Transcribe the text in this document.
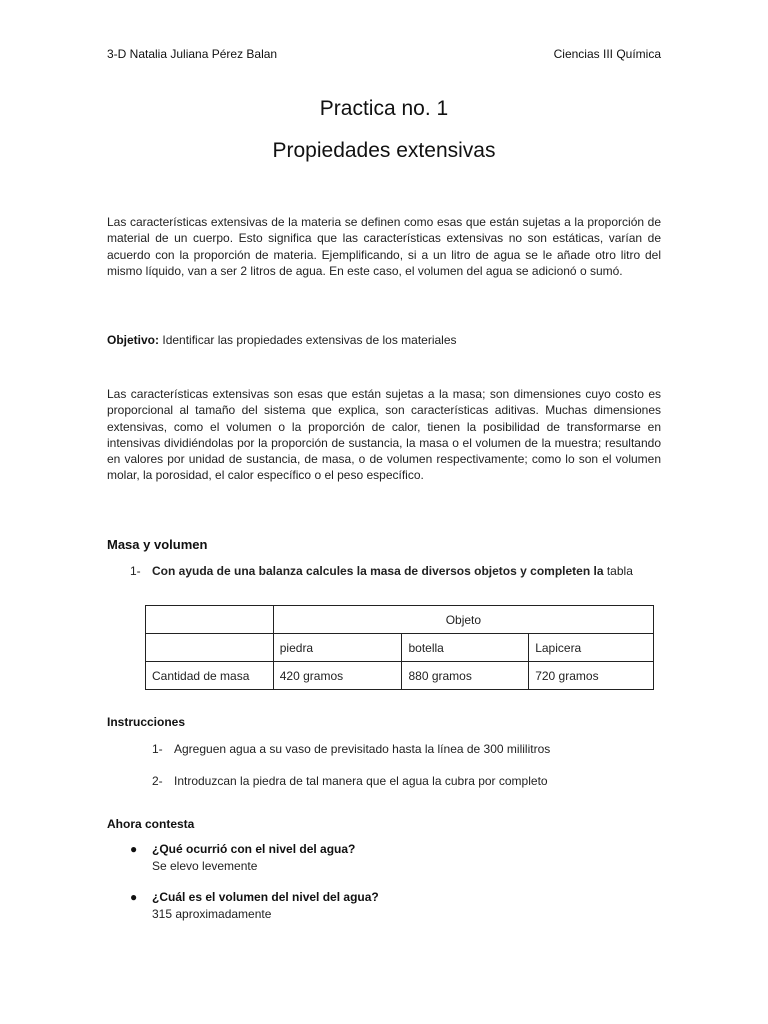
3-D Natalia Juliana Pérez Balan	Ciencias III Química
Practica no. 1
Propiedades extensivas

Las características extensivas de la materia se definen como esas que están sujetas a la proporción de material de un cuerpo. Esto significa que las características extensivas no son estáticas, varían de acuerdo con la proporción de materia. Ejemplificando, si a un litro de agua se le añade otro litro del mismo líquido, van a ser 2 litros de agua. En este caso, el volumen del agua se adicionó o sumó.

Objetivo: Identificar las propiedades extensivas de los materiales

Las características extensivas son esas que están sujetas a la masa; son dimensiones cuyo costo es proporcional al tamaño del sistema que explica, son características aditivas. Muchas dimensiones extensivas, como el volumen o la proporción de calor, tienen la posibilidad de transformarse en intensivas dividiéndolas por la proporción de sustancia, la masa o el volumen de la muestra; resultando en valores por unidad de sustancia, de masa, o de volumen respectivamente; como lo son el volumen molar, la porosidad, el calor específico o el peso específico.

Masa y volumen
1- Con ayuda de una balanza calcules la masa de diversos objetos y completen la tabla
	Objeto		
	piedra	botella	Lapicera
Cantidad de masa	420 gramos	880 gramos	720 gramos
Instrucciones
1- Agreguen agua a su vaso de previsitado hasta la línea de 300 mililitros
2- Introduzcan la piedra de tal manera que el agua la cubra por completo
Ahora contesta
● ¿Qué ocurrió con el nivel del agua?
Se elevo levemente
● ¿Cuál es el volumen del nivel del agua?
315 aproximadamente
